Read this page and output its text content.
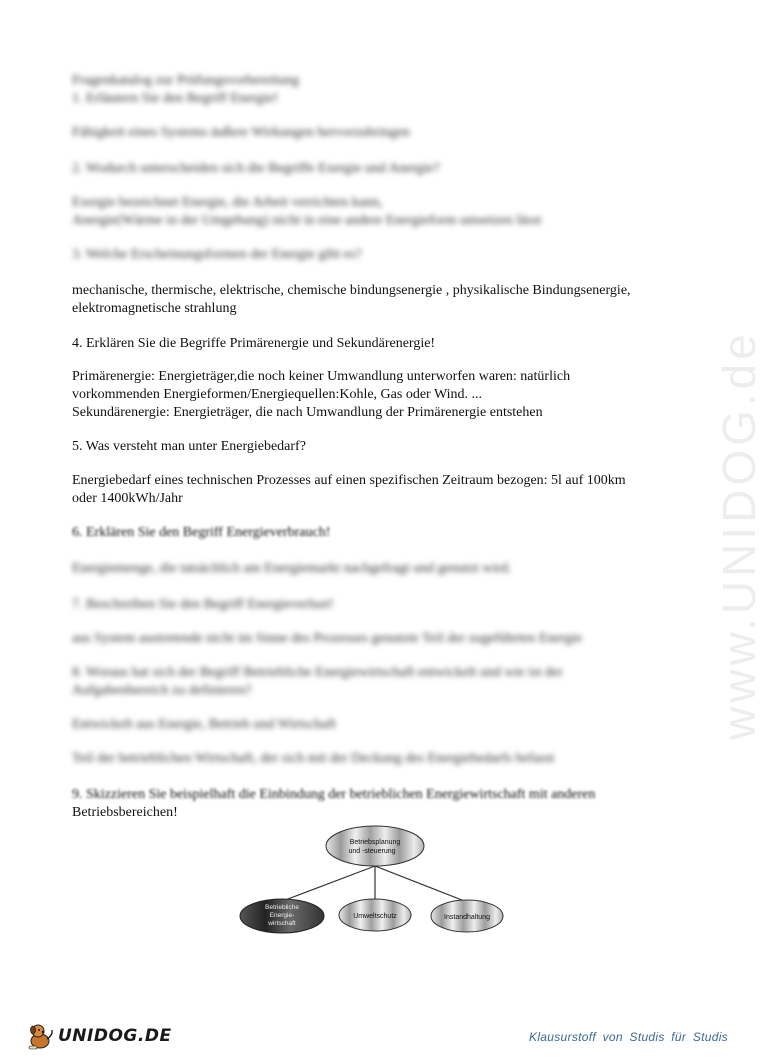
www.UNIDOG.de
Fragenkatalog zur Prüfungsvorbereitung
1. Erläutern Sie den Begriff Energie!
Fähigkeit eines Systems äußere Wirkungen hervorzubringen
2. Wodurch unterscheiden sich die Begriffe Exergie und Anergie?
Exergie bezeichnet Energie, die Arbeit verrichten kann,
Anergie(Wärme in der Umgebung) nicht in eine andere Energieform umsetzen lässt
3. Welche Erscheinungsformen der Energie gibt es?
mechanische, thermische, elektrische, chemische bindungsenergie , physikalische Bindungsenergie,
elektromagnetische strahlung
4. Erklären Sie die Begriffe Primärenergie und Sekundärenergie!
Primärenergie: Energieträger,die noch keiner Umwandlung unterworfen waren: natürlich
vorkommenden Energieformen/Energiequellen:Kohle, Gas oder Wind. ...
Sekundärenergie: Energieträger, die nach Umwandlung der Primärenergie entstehen
5. Was versteht man unter Energiebedarf?
Energiebedarf eines technischen Prozesses auf einen spezifischen Zeitraum bezogen: 5l auf 100km
oder 1400kWh/Jahr
6. Erklären Sie den Begriff Energieverbrauch!
Energiemenge, die tatsächlich am Energiemarkt nachgefragt und genutzt wird.
7. Beschreiben Sie den Begriff Energieverlust!
aus System austretende nicht im Sinne des Prozesses genutzte Teil der zugeführten Energie
8. Woraus hat sich der Begriff Betriebliche Energiewirtschaft entwickelt und wie ist der
Aufgabenbereich zu definieren?
Entwickelt aus Energie, Betrieb und Wirtschaft
Teil der betrieblichen Wirtschaft, der sich mit der Deckung des Energiebedarfs befasst
9. Skizzieren Sie beispielhaft die Einbindung der betrieblichen Energiewirtschaft mit anderen
Betriebsbereichen!
Betriebsplanung
und -steuerung
Betriebliche
Energie-
wirtschaft
Umweltschutz	Instandhaltung
UNIDOG.DE	Klausurstoff von Studis für Studis
